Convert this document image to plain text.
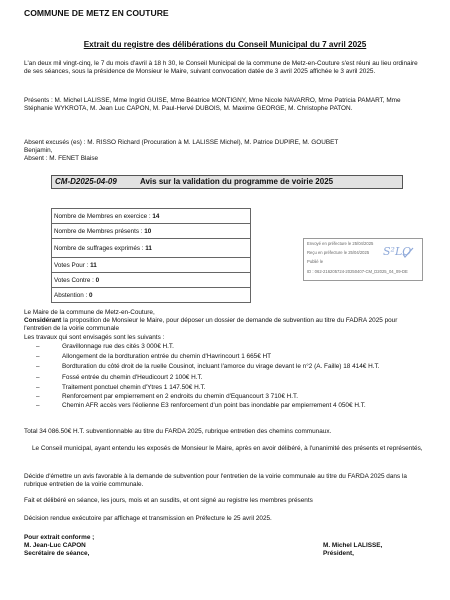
COMMUNE DE METZ EN COUTURE
Extrait du registre des délibérations du Conseil Municipal du 7 avril 2025
L'an deux mil vingt-cinq, le 7 du mois d'avril à 18 h 30, le Conseil Municipal de la commune de Metz-en-Couture s'est réuni au lieu ordinaire de ses séances, sous la présidence de Monsieur le Maire, suivant convocation datée de 3 avril 2025 affichée le 3 avril 2025.
Présents : M. Michel LALISSE, Mme Ingrid GUISE, Mme Béatrice MONTIGNY, Mme Nicole NAVARRO, Mme Patricia PAMART, Mme Stéphanie WYKROTA, M. Jean Luc CAPON, M. Paul-Hervé DUBOIS, M. Maxime GEORGE, M. Christophe PATON.
Absent excusés (es) : M. RISSO Richard (Procuration à M. LALISSE Michel), M. Patrice DUPIRE, M. GOUBET
Benjamin,
Absent : M. FENET Blaise
CM-D2025-04-09	Avis sur la validation du programme de voirie 2025
Nombre de Membres en exercice : 14
Nombre de Membres présents : 10
Nombre de suffrages exprimés : 11
Votes Pour : 11
Votes Contre : 0
Abstention : 0
Envoyé en préfecture le 25/04/2025
Reçu en préfecture le 25/04/2025
Publié le
ID : 062-216205724-20250407-CM_D2025_04_09-DE
S²LO
Le Maire de la commune de Metz-en-Couture,
Considérant la proposition de Monsieur le Maire, pour déposer un dossier de demande de subvention au titre du FADRA 2025 pour l'entretien de la voirie communale
Les travaux qui sont envisagés sont les suivants :
–	Gravillonnage rue des cités 3 000€ H.T.
–	Allongement de la bordturation entrée du chemin d'Havrincourt 1 665€ HT
–	Bordturation du côté droit de la ruelle Cousinot, incluant l'amorce du virage devant le n°2 (A. Faille) 18 414€ H.T.
–	Fossé entrée du chemin d'Heudicourt 2 100€ H.T.
–	Traitement ponctuel chemin d'Ytres 1 147.50€ H.T.
–	Renforcement par empierrement en 2 endroits du chemin d'Equancourt 3 710€ H.T.
–	Chemin AFR accès vers l'éolienne E3 renforcement d'un point bas inondable par empierrement 4 050€ H.T.
Total 34 086.50€ H.T. subventionnable au titre du FARDA 2025, rubrique entretien des chemins communaux.
Le Conseil municipal, ayant entendu les exposés de Monsieur le Maire, après en avoir délibéré, à l'unanimité des présents et représentés,
Décide d'émettre un avis favorable à la demande de subvention pour l'entretien de la voirie communale au titre du FARDA 2025 dans la rubrique entretien de la voirie communale.
Fait et délibéré en séance, les jours, mois et an susdits, et ont signé au registre les membres présents
Décision rendue exécutoire par affichage et transmission en Préfecture le 25 avril 2025.
Pour extrait conforme ;
M. Jean-Luc CAPON
Secrétaire de séance,
M. Michel LALISSE,
Président,
